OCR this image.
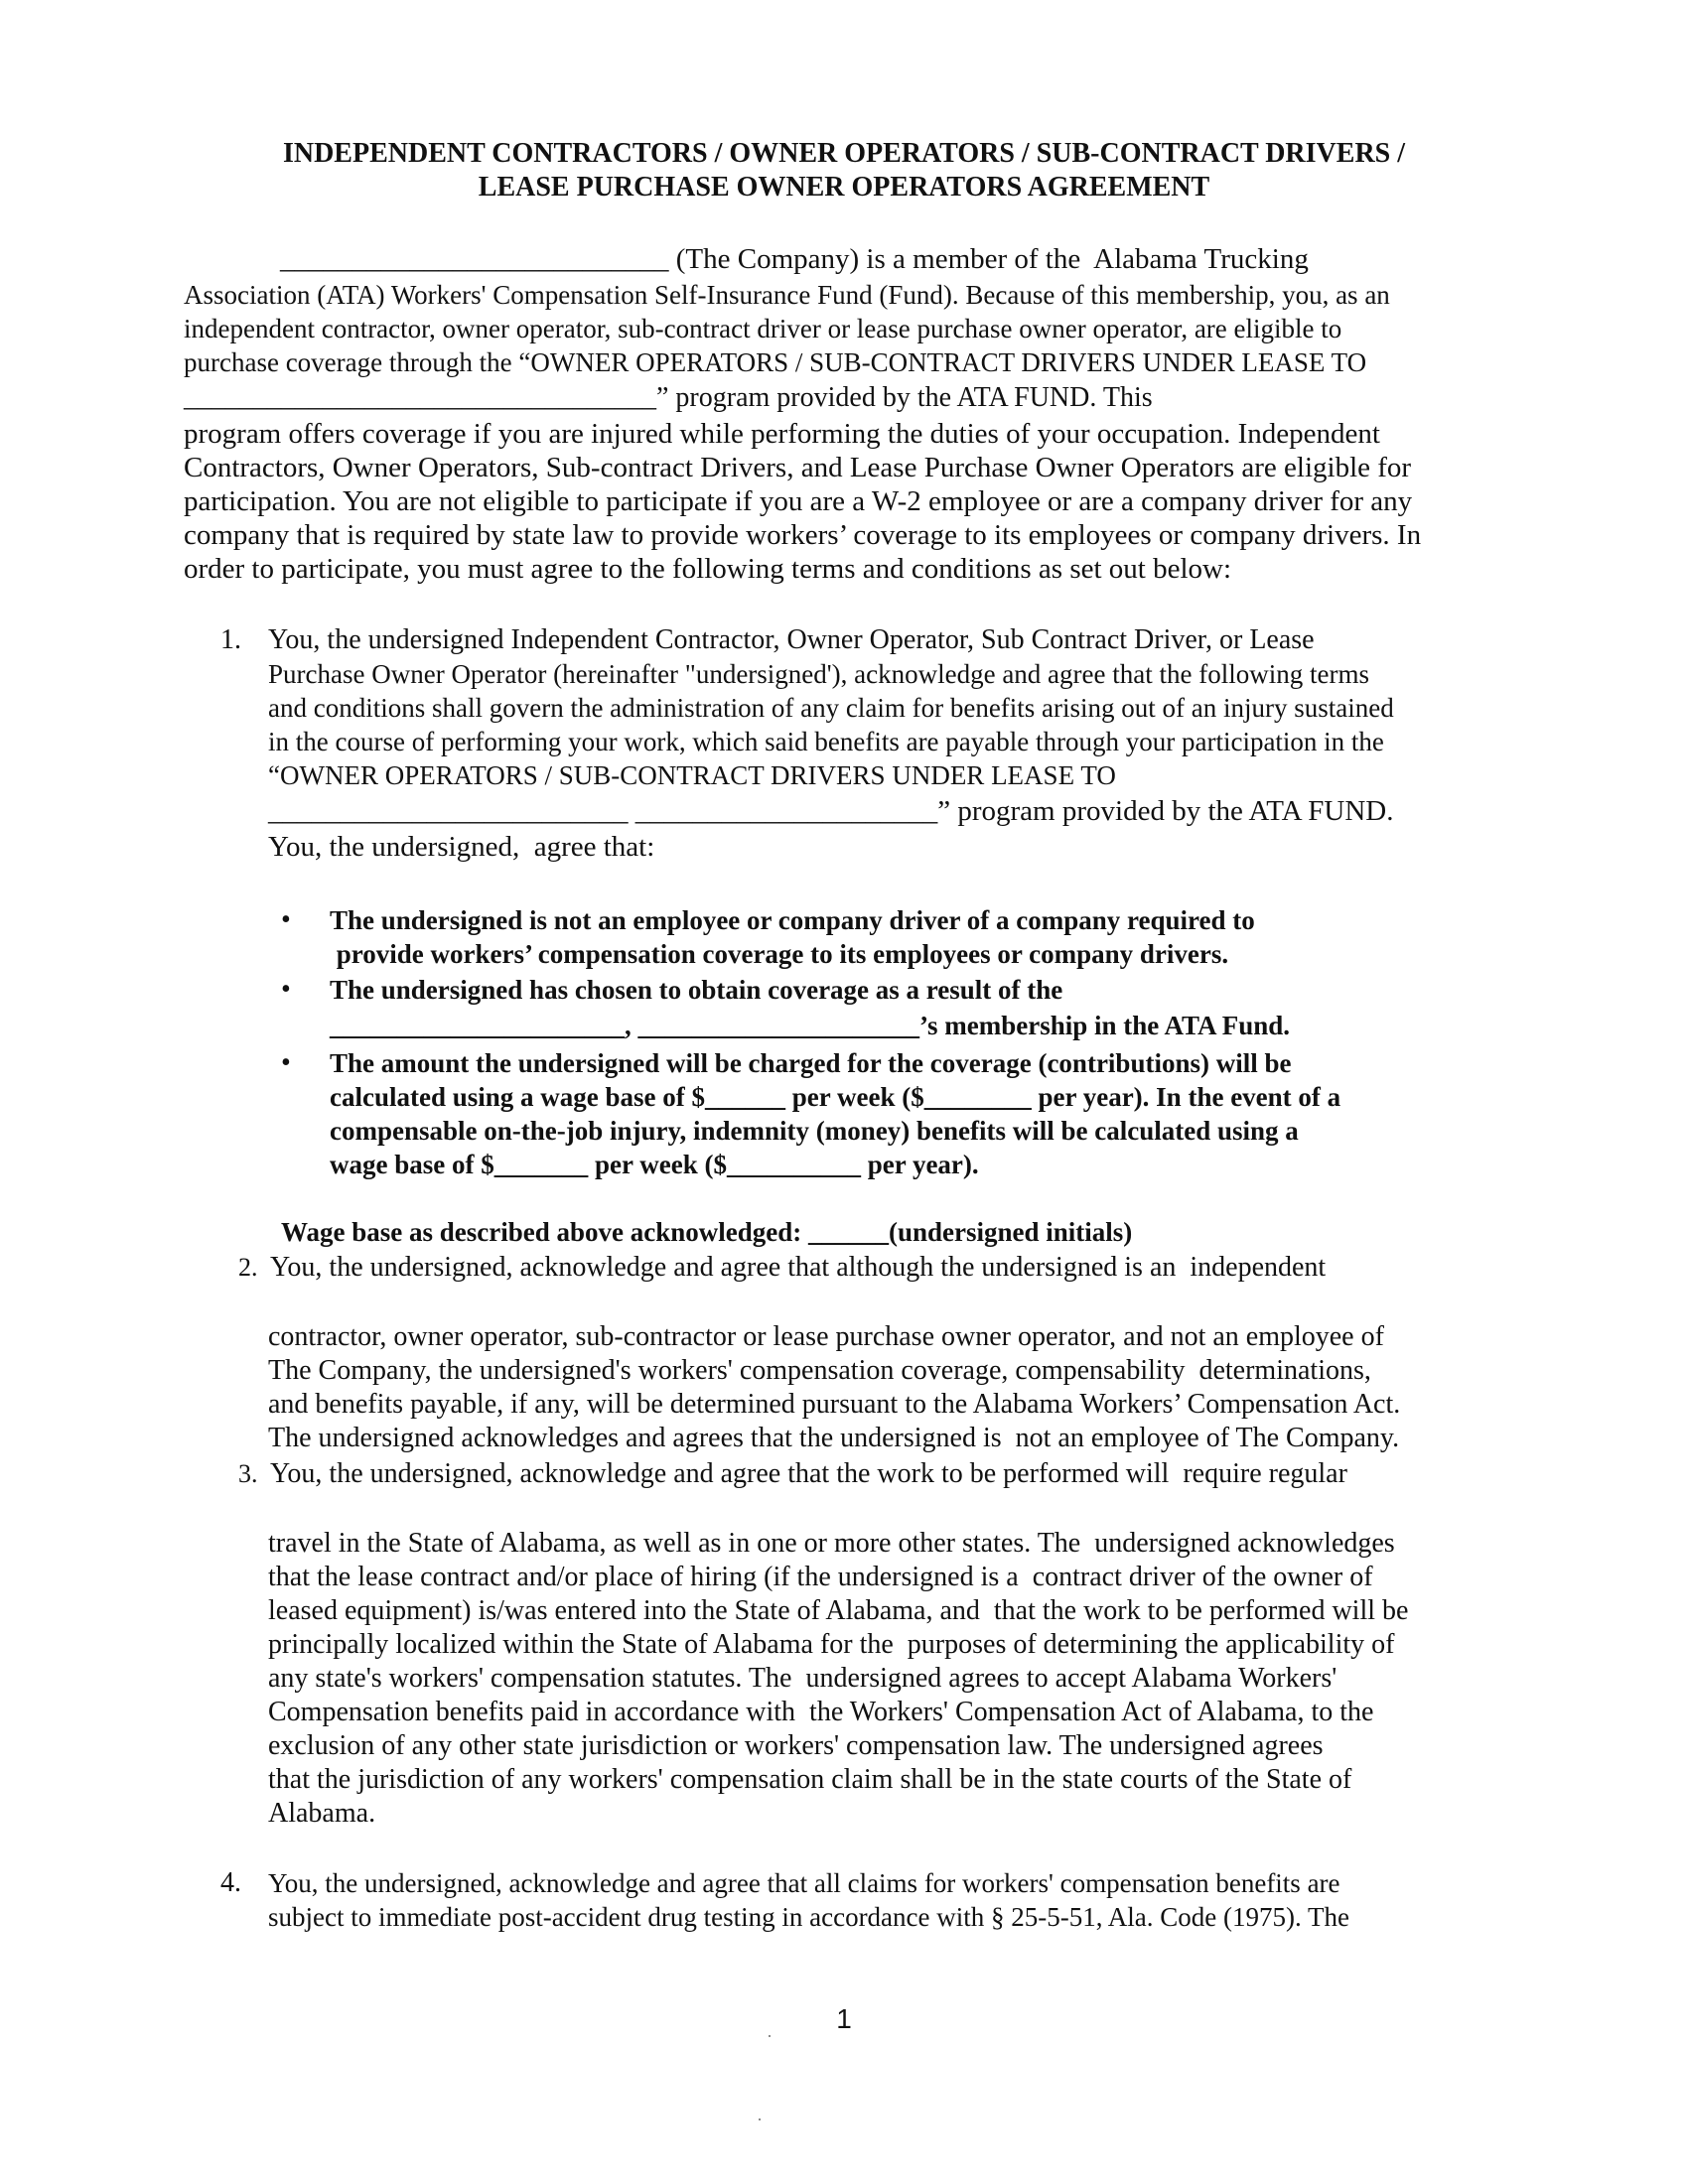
INDEPENDENT CONTRACTORS / OWNER OPERATORS / SUB-CONTRACT DRIVERS /
LEASE PURCHASE OWNER OPERATORS AGREEMENT
___________________________ (The Company) is a member of the  Alabama Trucking
Association (ATA) Workers' Compensation Self-Insurance Fund (Fund). Because of this membership, you, as an
independent contractor, owner operator, sub-contract driver or lease purchase owner operator, are eligible to
purchase coverage through the “OWNER OPERATORS / SUB-CONTRACT DRIVERS UNDER LEASE TO
__________________________________” program provided by the ATA FUND. This
program offers coverage if you are injured while performing the duties of your occupation. Independent
Contractors, Owner Operators, Sub-contract Drivers, and Lease Purchase Owner Operators are eligible for
participation. You are not eligible to participate if you are a W-2 employee or are a company driver for any
company that is required by state law to provide workers’ coverage to its employees or company drivers. In
order to participate, you must agree to the following terms and conditions as set out below:
1. You, the undersigned Independent Contractor, Owner Operator, Sub Contract Driver, or Lease
Purchase Owner Operator (hereinafter "undersigned'), acknowledge and agree that the following terms
and conditions shall govern the administration of any claim for benefits arising out of an injury sustained
in the course of performing your work, which said benefits are payable through your participation in the
“OWNER OPERATORS / SUB-CONTRACT DRIVERS UNDER LEASE TO
_________________________ _____________________” program provided by the ATA FUND.
You, the undersigned,  agree that:
• The undersigned is not an employee or company driver of a company required to
provide workers’ compensation coverage to its employees or company drivers.
• The undersigned has chosen to obtain coverage as a result of the
______________________, _____________________’s membership in the ATA Fund.
• The amount the undersigned will be charged for the coverage (contributions) will be
calculated using a wage base of $______ per week ($________ per year). In the event of a
compensable on-the-job injury, indemnity (money) benefits will be calculated using a
wage base of $_______ per week ($__________ per year).
Wage base as described above acknowledged: ______(undersigned initials)
2. You, the undersigned, acknowledge and agree that although the undersigned is an  independent
contractor, owner operator, sub-contractor or lease purchase owner operator, and not an employee of
The Company, the undersigned's workers' compensation coverage, compensability  determinations,
and benefits payable, if any, will be determined pursuant to the Alabama Workers’ Compensation Act.
The undersigned acknowledges and agrees that the undersigned is  not an employee of The Company.
3. You, the undersigned, acknowledge and agree that the work to be performed will  require regular
travel in the State of Alabama, as well as in one or more other states. The  undersigned acknowledges
that the lease contract and/or place of hiring (if the undersigned is a  contract driver of the owner of
leased equipment) is/was entered into the State of Alabama, and  that the work to be performed will be
principally localized within the State of Alabama for the  purposes of determining the applicability of
any state's workers' compensation statutes. The  undersigned agrees to accept Alabama Workers'
Compensation benefits paid in accordance with  the Workers' Compensation Act of Alabama, to the
exclusion of any other state jurisdiction or workers' compensation law. The undersigned agrees
that the jurisdiction of any workers' compensation claim shall be in the state courts of the State of
Alabama.
4. You, the undersigned, acknowledge and agree that all claims for workers' compensation benefits are
subject to immediate post-accident drug testing in accordance with § 25-5-51, Ala. Code (1975). The
1
